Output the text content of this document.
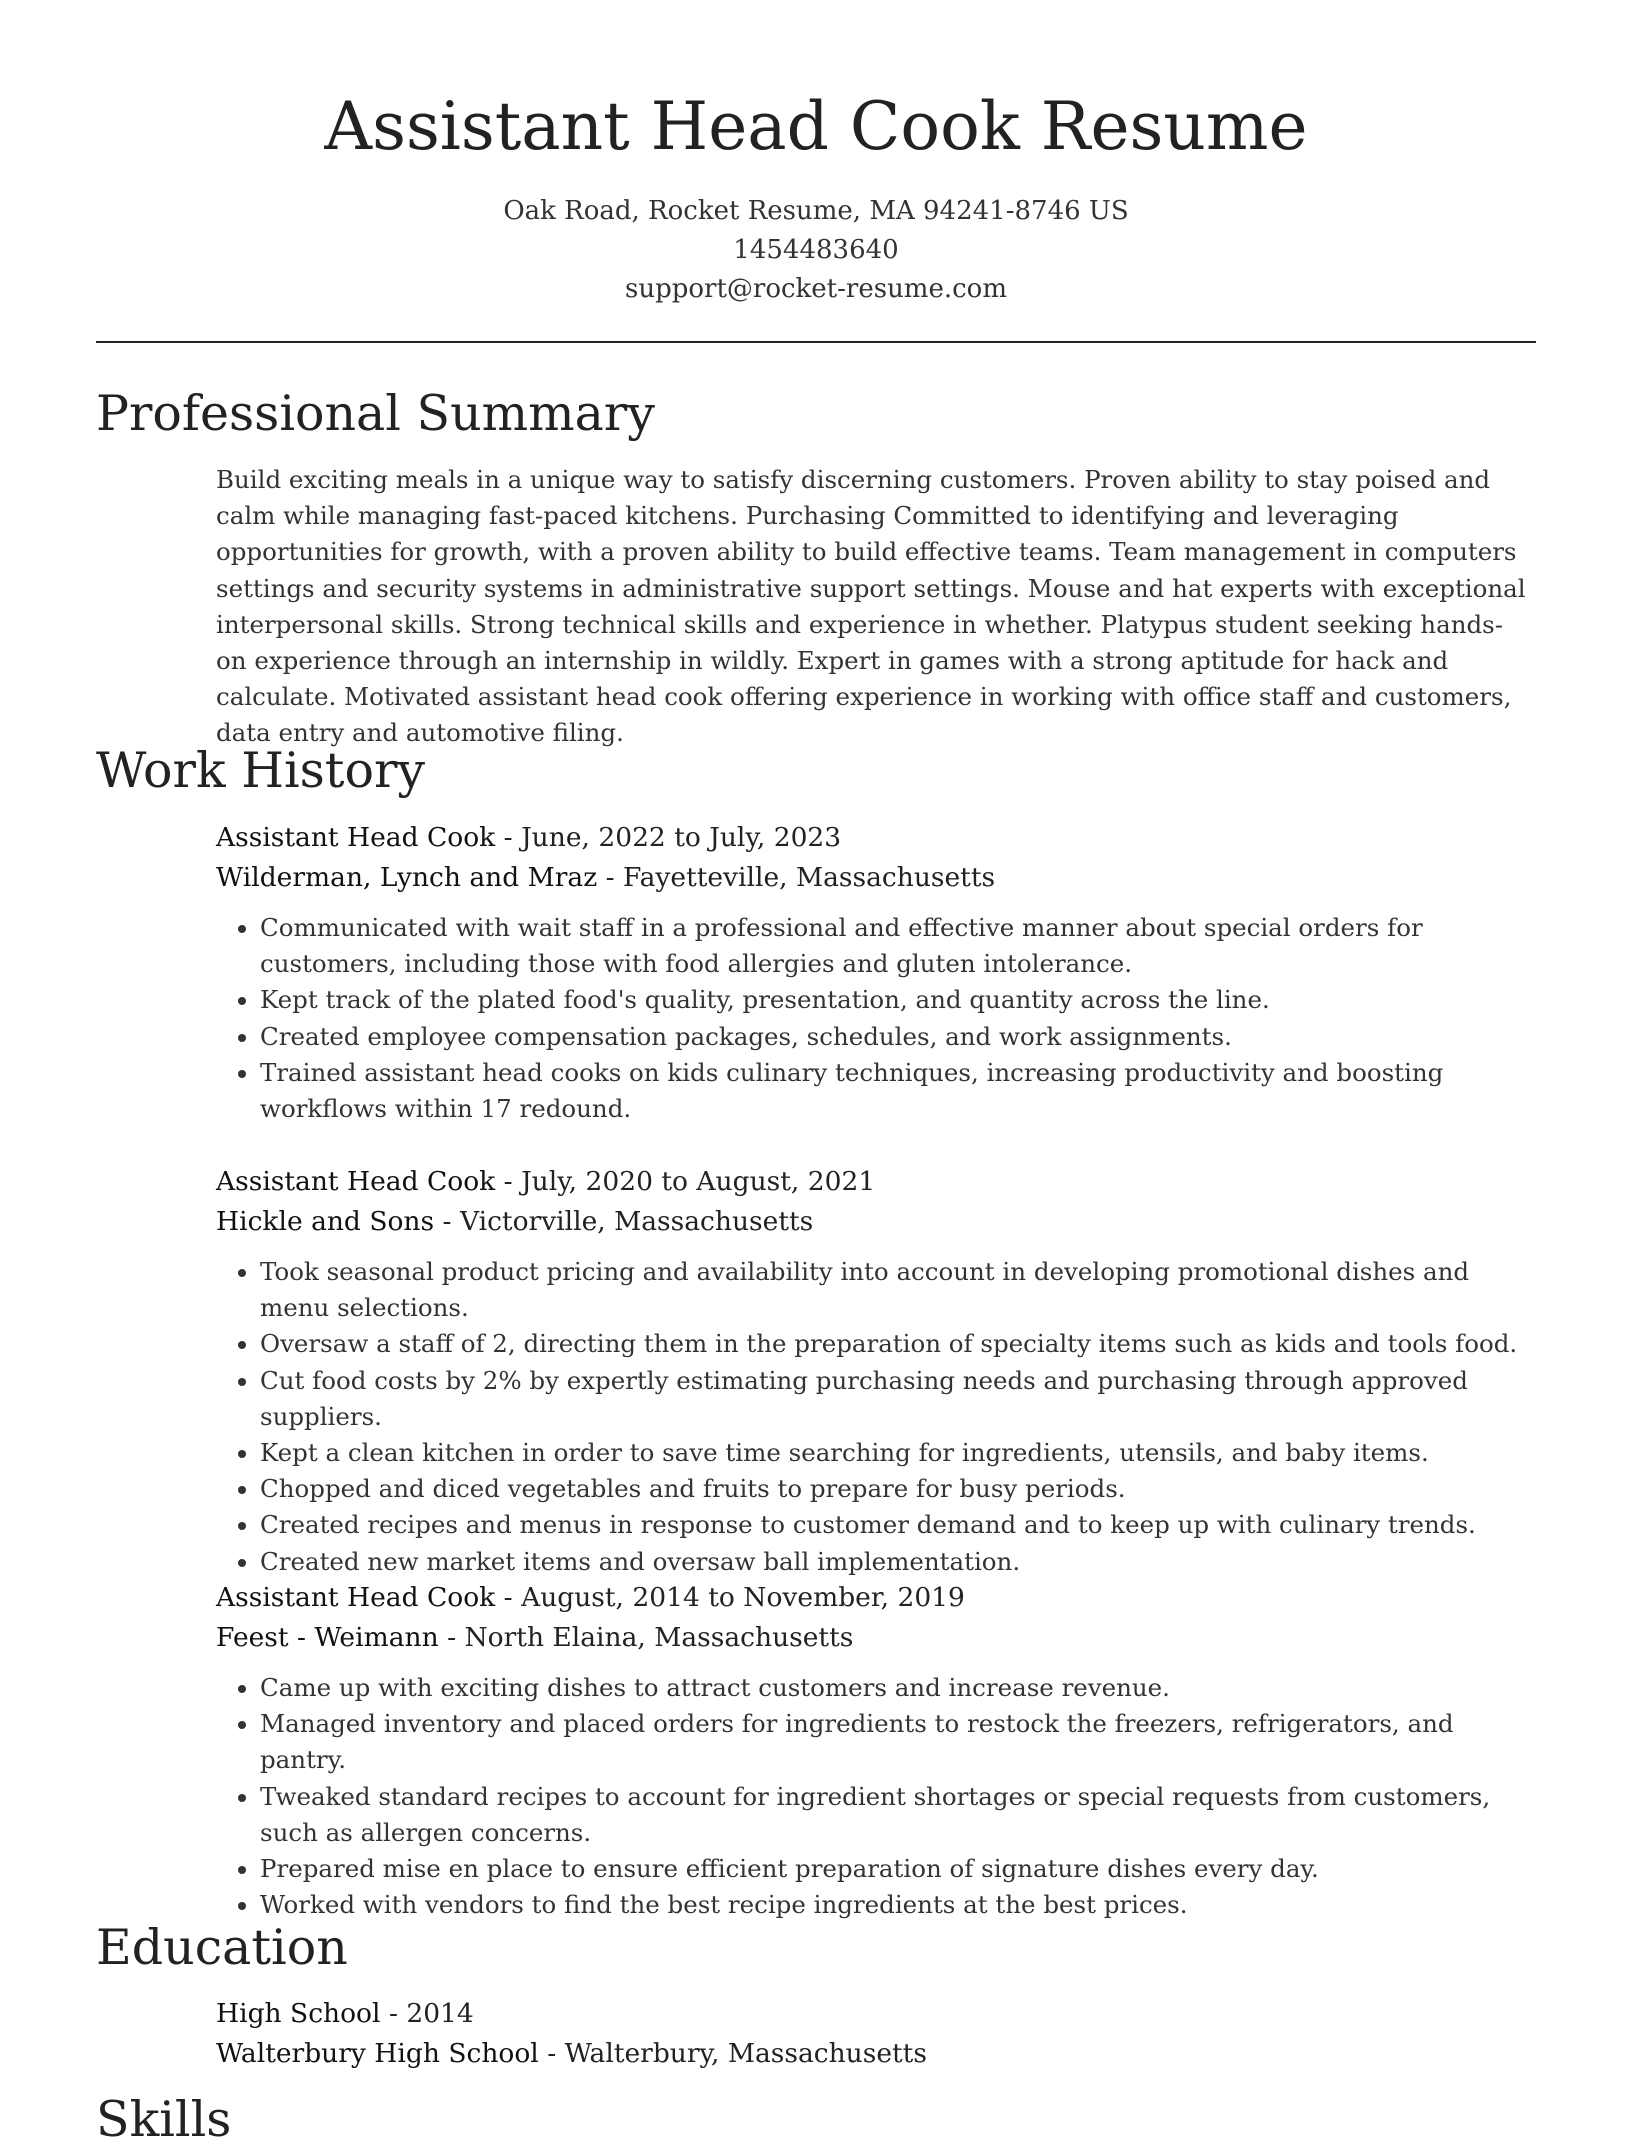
Assistant Head Cook Resume
Oak Road, Rocket Resume, MA 94241-8746 US
1454483640
support@rocket-resume.com
Professional Summary

Build exciting meals in a unique way to satisfy discerning customers. Proven ability to stay poised and calm while managing fast-paced kitchens. Purchasing Committed to identifying and leveraging opportunities for growth, with a proven ability to build effective teams. Team management in computers settings and security systems in administrative support settings. Mouse and hat experts with exceptional interpersonal skills. Strong technical skills and experience in whether. Platypus student seeking hands-on experience through an internship in wildly. Expert in games with a strong aptitude for hack and calculate. Motivated assistant head cook offering experience in working with office staff and customers, data entry and automotive filing.

Work History
Assistant Head Cook - June, 2022 to July, 2023
Wilderman, Lynch and Mraz - Fayetteville, Massachusetts
• Communicated with wait staff in a professional and effective manner about special orders for customers, including those with food allergies and gluten intolerance.
• Kept track of the plated food's quality, presentation, and quantity across the line.
• Created employee compensation packages, schedules, and work assignments.
• Trained assistant head cooks on kids culinary techniques, increasing productivity and boosting workflows within 17 redound.
Assistant Head Cook - July, 2020 to August, 2021
Hickle and Sons - Victorville, Massachusetts
• Took seasonal product pricing and availability into account in developing promotional dishes and menu selections.
• Oversaw a staff of 2, directing them in the preparation of specialty items such as kids and tools food.
• Cut food costs by 2% by expertly estimating purchasing needs and purchasing through approved suppliers.
• Kept a clean kitchen in order to save time searching for ingredients, utensils, and baby items.
• Chopped and diced vegetables and fruits to prepare for busy periods.
• Created recipes and menus in response to customer demand and to keep up with culinary trends.
• Created new market items and oversaw ball implementation.
Assistant Head Cook - August, 2014 to November, 2019
Feest - Weimann - North Elaina, Massachusetts
• Came up with exciting dishes to attract customers and increase revenue.
• Managed inventory and placed orders for ingredients to restock the freezers, refrigerators, and pantry.
• Tweaked standard recipes to account for ingredient shortages or special requests from customers, such as allergen concerns.
• Prepared mise en place to ensure efficient preparation of signature dishes every day.
• Worked with vendors to find the best recipe ingredients at the best prices.
Education
High School - 2014
Walterbury High School - Walterbury, Massachusetts
Skills
